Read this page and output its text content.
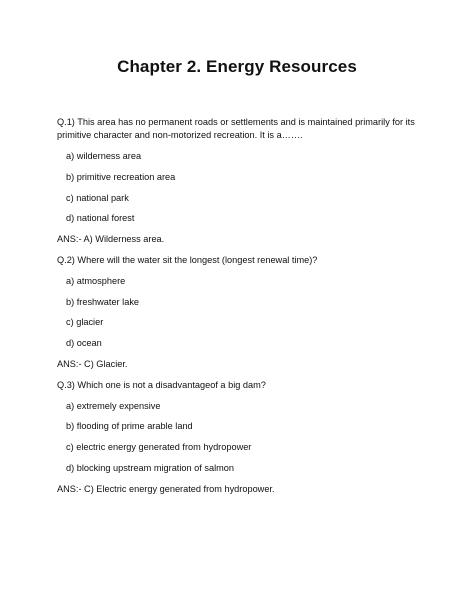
Chapter 2. Energy Resources
Q.1) This area has no permanent roads or settlements and is maintained primarily for its
primitive character and non-motorized recreation. It is a…….
a) wilderness area
b) primitive recreation area
c) national park
d) national forest
ANS:- A) Wilderness area.
Q.2) Where will the water sit the longest (longest renewal time)?
a) atmosphere
b) freshwater lake
c) glacier
d) ocean
ANS:- C) Glacier.
Q.3) Which one is not a disadvantageof a big dam?
a) extremely expensive
b) flooding of prime arable land
c) electric energy generated from hydropower
d) blocking upstream migration of salmon
ANS:- C) Electric energy generated from hydropower.
